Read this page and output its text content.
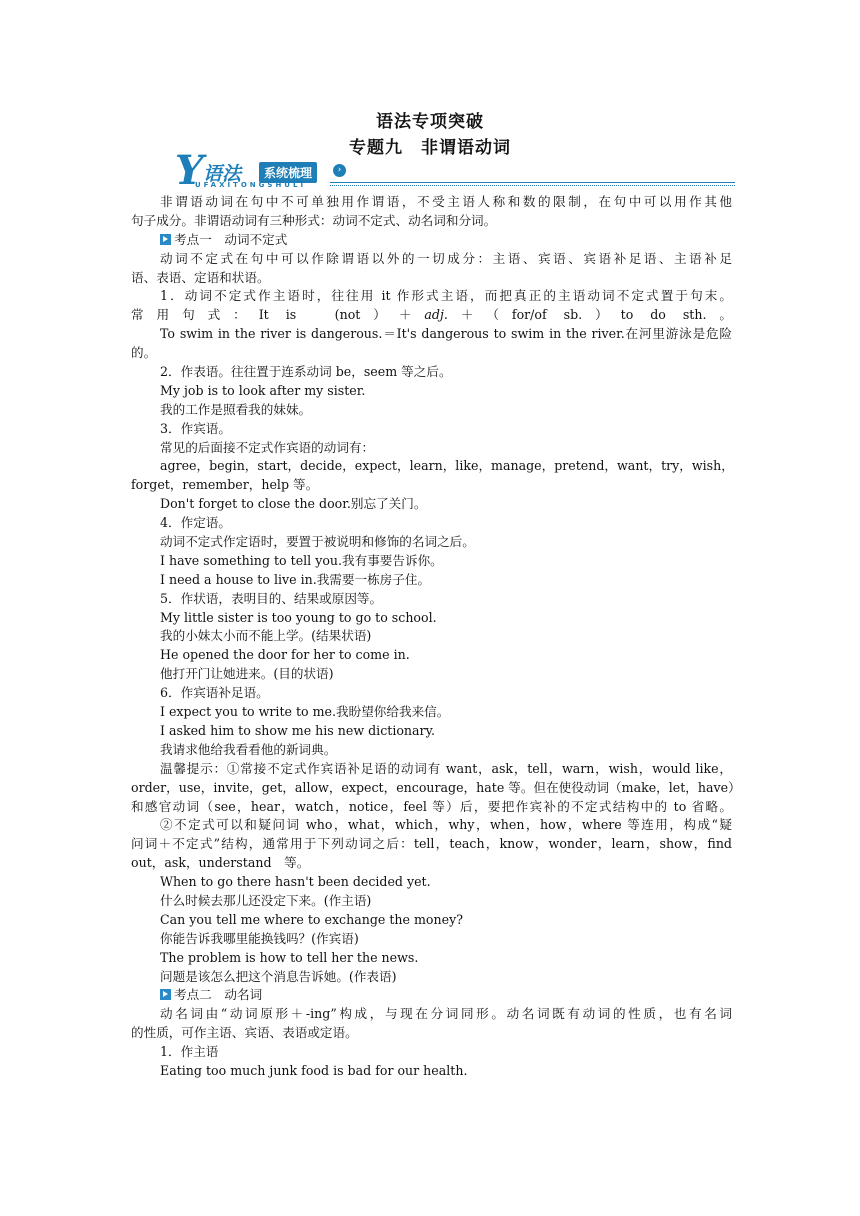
语法专项突破
专题九　非谓语动词
Y 语法	系统梳理	›
UFAXITONGSHULI
非谓语动词在句中不可单独用作谓语，不受主语人称和数的限制，在句中可以用作其他
句子成分。非谓语动词有三种形式：动词不定式、动名词和分词。
考点一　动词不定式
动词不定式在句中可以作除谓语以外的一切成分：主语、宾语、宾语补足语、主语补足
语、表语、定语和状语。
1．动词不定式作主语时，往往用 it 作形式主语，而把真正的主语动词不定式置于句末。
常用句式：It is　(not）＋adj.＋（for/of sb.）to do sth.。
To swim in the river is dangerous.＝It's dangerous to swim in the river.在河里游泳是危险
的。
2．作表语。往往置于连系动词 be，seem 等之后。
My job is to look after my sister.
我的工作是照看我的妹妹。
3．作宾语。
常见的后面接不定式作宾语的动词有：
agree，begin，start，decide，expect，learn，like，manage，pretend，want，try，wish，
forget，remember，help 等。
Don't forget to close the door.别忘了关门。
4．作定语。
动词不定式作定语时，要置于被说明和修饰的名词之后。
I have something to tell you.我有事要告诉你。
I need a house to live in.我需要一栋房子住。
5．作状语，表明目的、结果或原因等。
My little sister is too young to go to school.
我的小妹太小而不能上学。(结果状语)
He opened the door for her to come in.
他打开门让她进来。(目的状语)
6．作宾语补足语。
I expect you to write to me.我盼望你给我来信。
I asked him to show me his new dictionary.
我请求他给我看看他的新词典。
温馨提示：①常接不定式作宾语补足语的动词有 want，ask，tell，warn，wish，would like，
order，use，invite，get，allow，expect，encourage，hate 等。但在使役动词（make，let，have）
和感官动词（see，hear，watch，notice，feel 等）后，要把作宾补的不定式结构中的 to 省略。
②不定式可以和疑问词 who，what，which，why，when，how，where 等连用，构成“疑
问词＋不定式”结构，通常用于下列动词之后：tell，teach，know，wonder，learn，show，find
out，ask，understand　等。
When to go there hasn't been decided yet.
什么时候去那儿还没定下来。(作主语)
Can you tell me where to exchange the money?
你能告诉我哪里能换钱吗？(作宾语)
The problem is how to tell her the news.
问题是该怎么把这个消息告诉她。(作表语)
考点二　动名词
动名词由“动词原形＋-ing”构成，与现在分词同形。动名词既有动词的性质，也有名词
的性质，可作主语、宾语、表语或定语。
1．作主语
Eating too much junk food is bad for our health.
